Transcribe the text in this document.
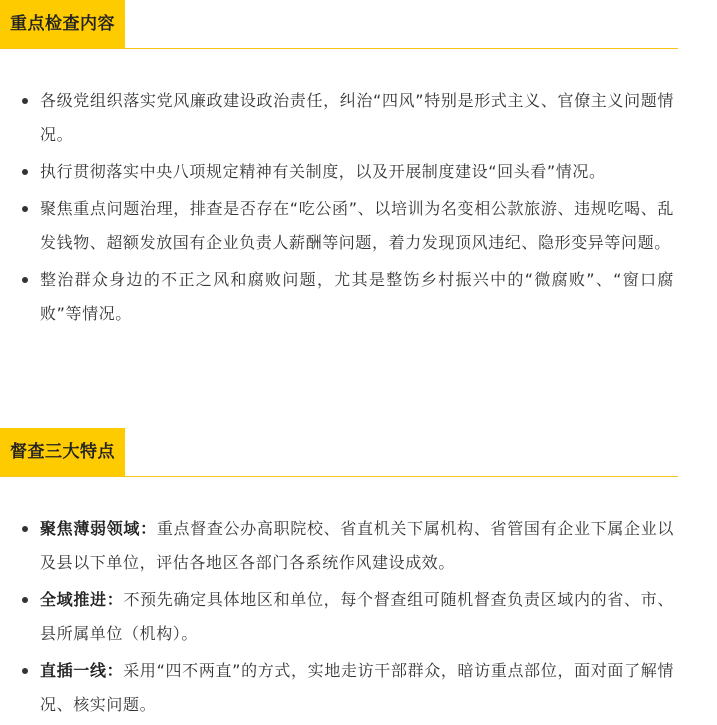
重点检查内容
各级党组织落实党风廉政建设政治责任，纠治“四风”特别是形式主义、官僚主义问题情况。
执行贯彻落实中央八项规定精神有关制度，以及开展制度建设“回头看”情况。
聚焦重点问题治理，排查是否存在“吃公函”、以培训为名变相公款旅游、违规吃喝、乱发钱物、超额发放国有企业负责人薪酬等问题，着力发现顶风违纪、隐形变异等问题。
整治群众身边的不正之风和腐败问题，尤其是整饬乡村振兴中的“微腐败”、“窗口腐败”等情况。
督查三大特点
聚焦薄弱领域：重点督查公办高职院校、省直机关下属机构、省管国有企业下属企业以及县以下单位，评估各地区各部门各系统作风建设成效。
全域推进：不预先确定具体地区和单位，每个督查组可随机督查负责区域内的省、市、县所属单位（机构）。
直插一线：采用“四不两直”的方式，实地走访干部群众，暗访重点部位，面对面了解情况、核实问题。
